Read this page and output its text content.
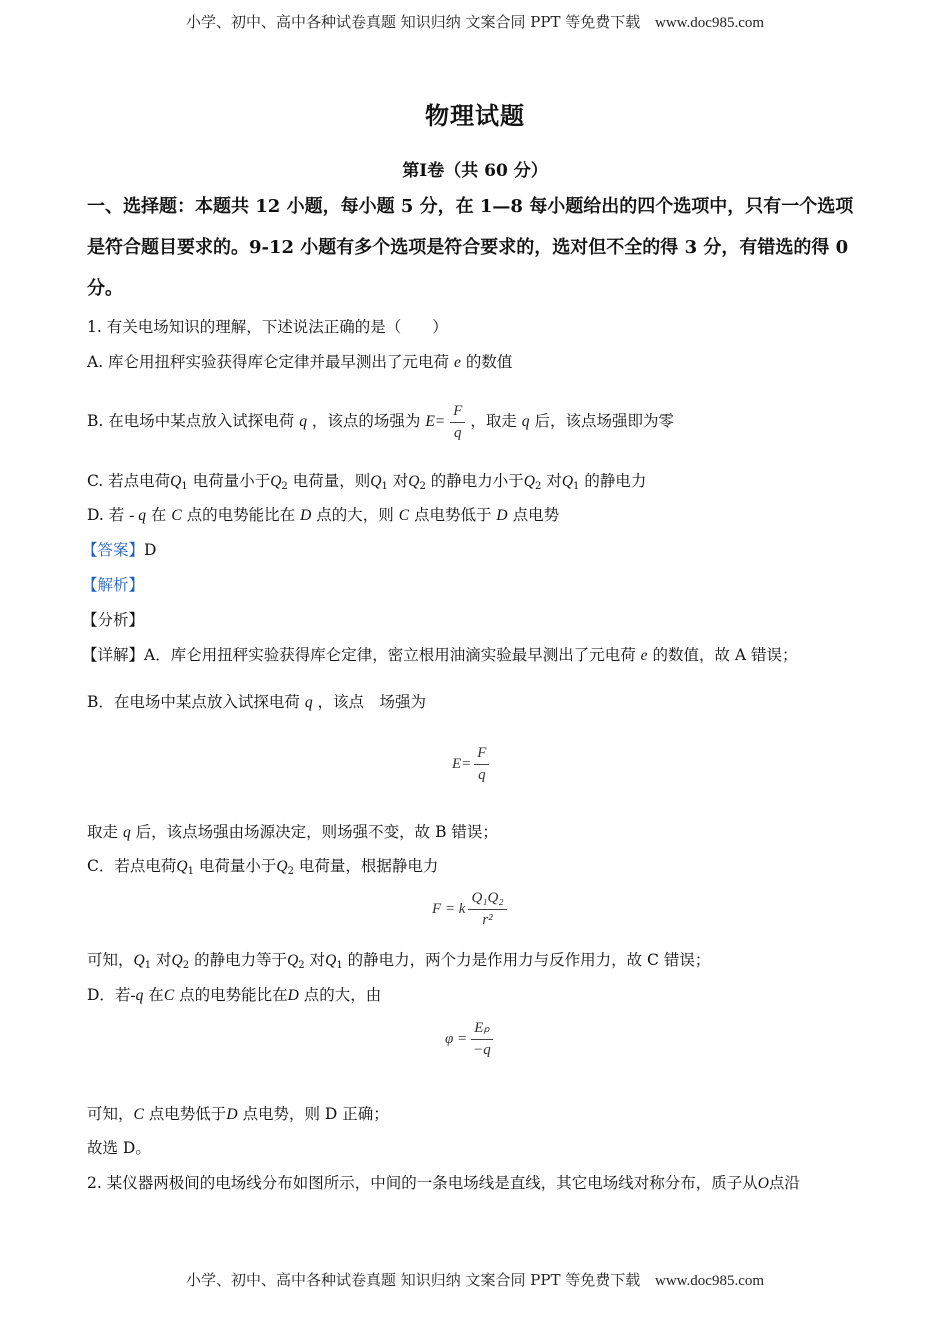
小学、初中、高中各种试卷真题 知识归纳 文案合同 PPT 等免费下载 www.doc985.com
物理试题
第Ⅰ卷（共 60 分）
一、选择题：本题共 12 小题，每小题 5 分，在 1—8 每小题给出的四个选项中，只有一个选项是符合题目要求的。9-12 小题有多个选项是符合要求的，选对但不全的得 3 分，有错选的得 0 分。
1. 有关电场知识的理解，下述说法正确的是（　　）
A. 库仑用扭秤实验获得库仑定律并最早测出了元电荷 e 的数值
B. 在电场中某点放入试探电荷 q ，该点的场强为 $E= \frac{F}{q}$ ，取走 q 后，该点场强即为零
C. 若点电荷$Q_1$ 电荷量小于$Q_2$ 电荷量，则$Q_1$ 对$Q_2$ 的静电力小于$Q_2$ 对$Q_1$ 的静电力
D. 若 - q 在 C 点的电势能比在 D 点的大，则 C 点电势低于 D 点电势
【答案】D
【解析】
【分析】
【详解】A．库仑用扭秤实验获得库仑定律，密立根用油滴实验最早测出了元电荷 e 的数值，故 A 错误；
B．在电场中某点放入试探电荷 q ，该点　场强为
$E= \frac{F}{q}$
取走 q 后，该点场强由场源决定，则场强不变，故 B 错误；
C．若点电荷$Q_1$ 电荷量小于$Q_2$ 电荷量，根据静电力
F = k $\frac{\text{Q₁Q₂}}{\text{r²}}$
可知，$Q_1$ 对$Q_2$ 的静电力等于$Q_2$ 对$Q_1$ 的静电力，两个力是作用力与反作用力，故 C 错误；
D．若-q 在C 点的电势能比在D 点的大，由
$\varphi = \frac{\text{Eₚ}}{-q}$
可知，C 点电势低于D 点电势，则 D 正确；
故选 D。
2. 某仪器两极间的电场线分布如图所示，中间的一条电场线是直线，其它电场线对称分布，质子从O点沿
小学、初中、高中各种试卷真题 知识归纳 文案合同 PPT 等免费下载 www.doc985.com
